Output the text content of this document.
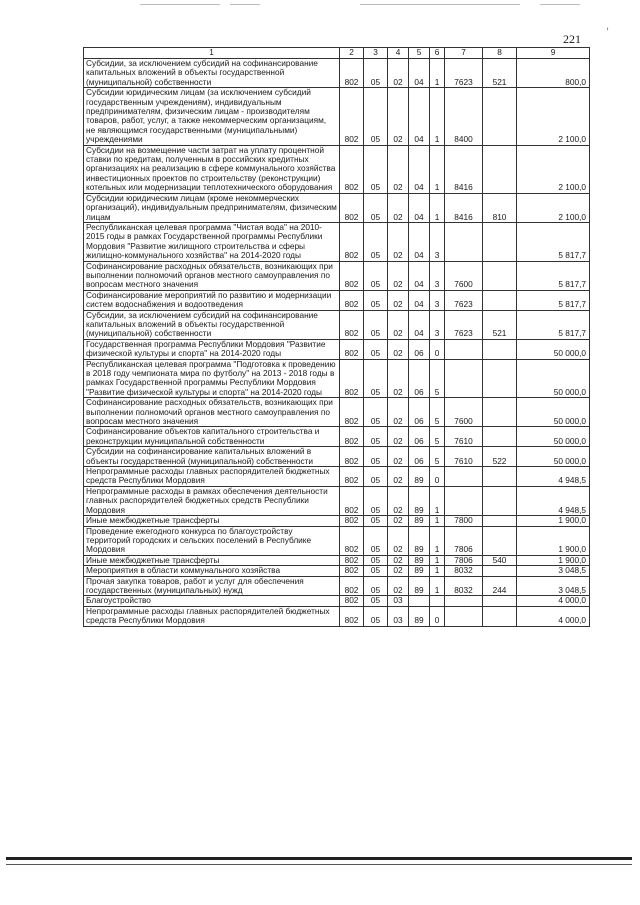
,
221
1	2	3	4	5	6	7	8	9
Субсидии, за исключением субсидий на софинансирование капитальных вложений в объекты государственной (муниципальной) собственности	802	05	02	04	1	7623	521	800,0
Субсидии юридическим лицам (за исключением субсидий государственным учреждениям), индивидуальным предпринимателям, физическим лицам - производителям товаров, работ, услуг, а также некоммерческим организациям, не являющимся государственными (муниципальными) учреждениями	802	05	02	04	1	8400		2 100,0
Субсидии на возмещение части затрат на уплату процентной ставки по кредитам, полученным в российских кредитных организациях на реализацию в сфере коммунального хозяйства инвестиционных проектов по строительству (реконструкции) котельных или модернизации теплотехнического оборудования	802	05	02	04	1	8416		2 100,0
Субсидии юридическим лицам (кроме некоммерческих организаций), индивидуальным предпринимателям, физическим лицам	802	05	02	04	1	8416	810	2 100,0
Республиканская целевая программа "Чистая вода" на 2010-2015 годы в рамках Государственной программы Республики Мордовия "Развитие жилищного строительства и сферы жилищно-коммунального хозяйства" на 2014-2020 годы	802	05	02	04	3			5 817,7
Софинансирование расходных обязательств, возникающих при выполнении полномочий органов местного самоуправления по вопросам местного значения	802	05	02	04	3	7600		5 817,7
Софинансирование мероприятий по развитию и модернизации систем водоснабжения и водоотведения	802	05	02	04	3	7623		5 817,7
Субсидии, за исключением субсидий на софинансирование капитальных вложений в объекты государственной (муниципальной) собственности	802	05	02	04	3	7623	521	5 817,7
Государственная программа Республики Мордовия "Развитие физической культуры и спорта" на 2014-2020 годы	802	05	02	06	0			50 000,0
Республиканская целевая программа "Подготовка к проведению в 2018 году чемпионата мира по футболу" на 2013 - 2018 годы в рамках Государственной программы Республики Мордовия "Развитие физической культуры и спорта" на 2014-2020 годы	802	05	02	06	5			50 000,0
Софинансирование расходных обязательств, возникающих при выполнении полномочий органов местного самоуправления по вопросам местного значения	802	05	02	06	5	7600		50 000,0
Софинансирование объектов капитального строительства и реконструкции муниципальной собственности	802	05	02	06	5	7610		50 000,0
Субсидии на софинансирование капитальных вложений в объекты государственной (муниципальной) собственности	802	05	02	06	5	7610	522	50 000,0
Непрограммные расходы главных распорядителей бюджетных средств Республики Мордовия	802	05	02	89	0			4 948,5
Непрограммные расходы в рамках обеспечения деятельности главных распорядителей бюджетных средств Республики Мордовия	802	05	02	89	1			4 948,5
Иные межбюджетные трансферты	802	05	02	89	1	7800		1 900,0
Проведение ежегодного конкурса по благоустройству территорий городских и сельских поселений в Республике Мордовия	802	05	02	89	1	7806		1 900,0
Иные межбюджетные трансферты	802	05	02	89	1	7806	540	1 900,0
Мероприятия в области коммунального хозяйства	802	05	02	89	1	8032		3 048,5
Прочая закупка товаров, работ и услуг для обеспечения государственных (муниципальных) нужд	802	05	02	89	1	8032	244	3 048,5
Благоустройство	802	05	03					4 000,0
Непрограммные расходы главных распорядителей бюджетных средств Республики Мордовия	802	05	03	89	0			4 000,0
